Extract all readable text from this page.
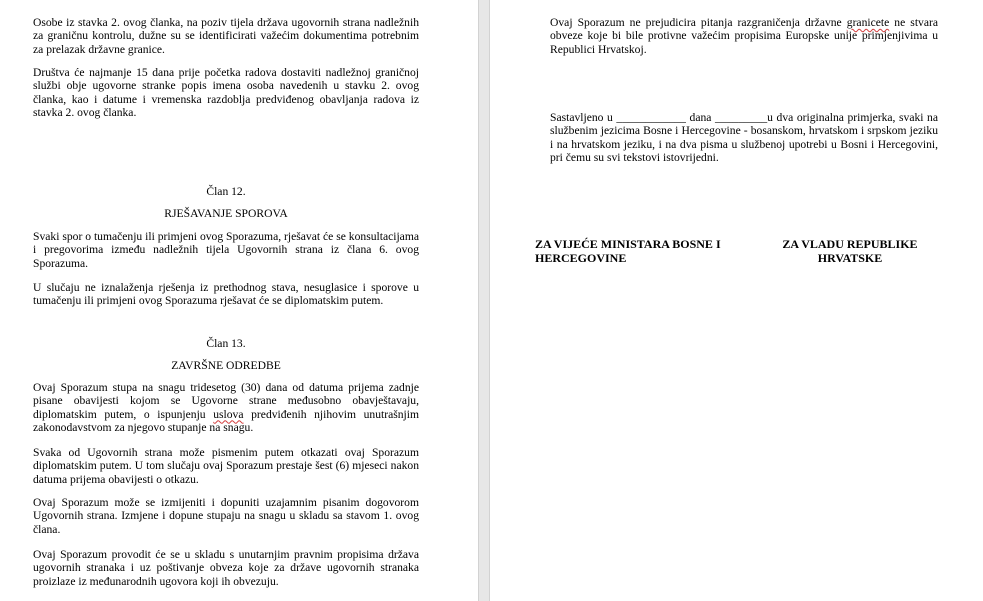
Osobe iz stavka 2. ovog članka, na poziv tijela država ugovornih strana nadležnih za graničnu kontrolu, dužne su se identificirati važećim dokumentima potrebnim za prelazak državne granice.

Društva će najmanje 15 dana prije početka radova dostaviti nadležnoj graničnoj službi obje ugovorne stranke popis imena osoba navedenih u stavku 2. ovog članka, kao i datume i vremenska razdoblja predviđenog obavljanja radova iz stavka 2. ovog članka.

Član 12.

RJEŠAVANJE SPOROVA

Svaki spor o tumačenju ili primjeni ovog Sporazuma, rješavat će se konsultacijama i pregovorima između nadležnih tijela Ugovornih strana iz člana 6. ovog Sporazuma.

U slučaju ne iznalaženja rješenja iz prethodnog stava, nesuglasice i sporove u tumačenju ili primjeni ovog Sporazuma rješavat će se diplomatskim putem.

Član 13.

ZAVRŠNE ODREDBE

Ovaj Sporazum stupa na snagu tridesetog (30) dana od datuma prijema zadnje pisane obavijesti kojom se Ugovorne strane međusobno obavještavaju, diplomatskim putem, o ispunjenju uslova predviđenih njihovim unutrašnjim zakonodavstvom za njegovo stupanje na snagu.

Svaka od Ugovornih strana može pismenim putem otkazati ovaj Sporazum diplomatskim putem. U tom slučaju ovaj Sporazum prestaje šest (6) mjeseci nakon datuma prijema obavijesti o otkazu.

Ovaj Sporazum može se izmijeniti i dopuniti uzajamnim pisanim dogovorom Ugovornih strana. Izmjene i dopune stupaju na snagu u skladu sa stavom 1. ovog člana.

Ovaj Sporazum provodit će se u skladu s unutarnjim pravnim propisima država ugovornih stranaka i uz poštivanje obveza koje za države ugovornih stranaka proizlaze iz međunarodnih ugovora koji ih obvezuju.

Ovaj Sporazum ne prejudicira pitanja razgraničenja državne granicete ne stvara obveze koje bi bile protivne važećim propisima Europske unije primjenjivima u Republici Hrvatskoj.

Sastavljeno u ____________ dana _________u dva originalna primjerka, svaki na službenim jezicima Bosne i Hercegovine - bosanskom, hrvatskom i srpskom jeziku i na hrvatskom jeziku, i na dva pisma u službenoj upotrebi u Bosni i Hercegovini, pri čemu su svi tekstovi istovrijedni.

ZA VIJEĆE MINISTARA BOSNE I HERCEGOVINE

ZA VLADU REPUBLIKE HRVATSKE
